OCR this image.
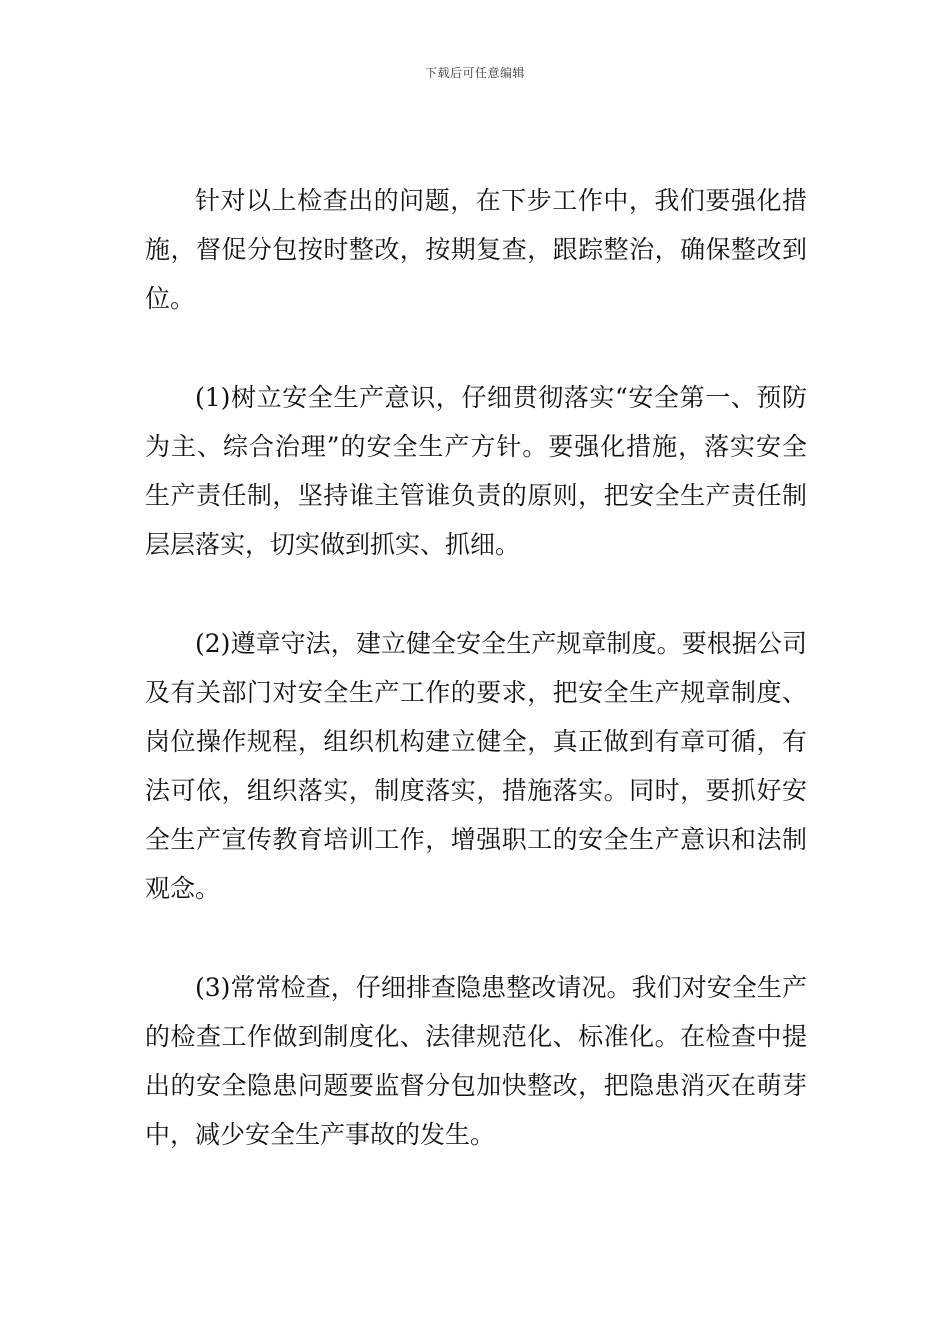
下载后可任意编辑

针对以上检查出的问题，在下步工作中，我们要强化措施，督促分包按时整改，按期复查，跟踪整治，确保整改到位。

(1)树立安全生产意识，仔细贯彻落实“安全第一、预防为主、综合治理”的安全生产方针。要强化措施，落实安全生产责任制，坚持谁主管谁负责的原则，把安全生产责任制层层落实，切实做到抓实、抓细。

(2)遵章守法，建立健全安全生产规章制度。要根据公司及有关部门对安全生产工作的要求，把安全生产规章制度、岗位操作规程，组织机构建立健全，真正做到有章可循，有法可依，组织落实，制度落实，措施落实。同时，要抓好安全生产宣传教育培训工作，增强职工的安全生产意识和法制观念。

(3)常常检查，仔细排查隐患整改请况。我们对安全生产的检查工作做到制度化、法律规范化、标准化。在检查中提出的安全隐患问题要监督分包加快整改，把隐患消灭在萌芽中，减少安全生产事故的发生。
